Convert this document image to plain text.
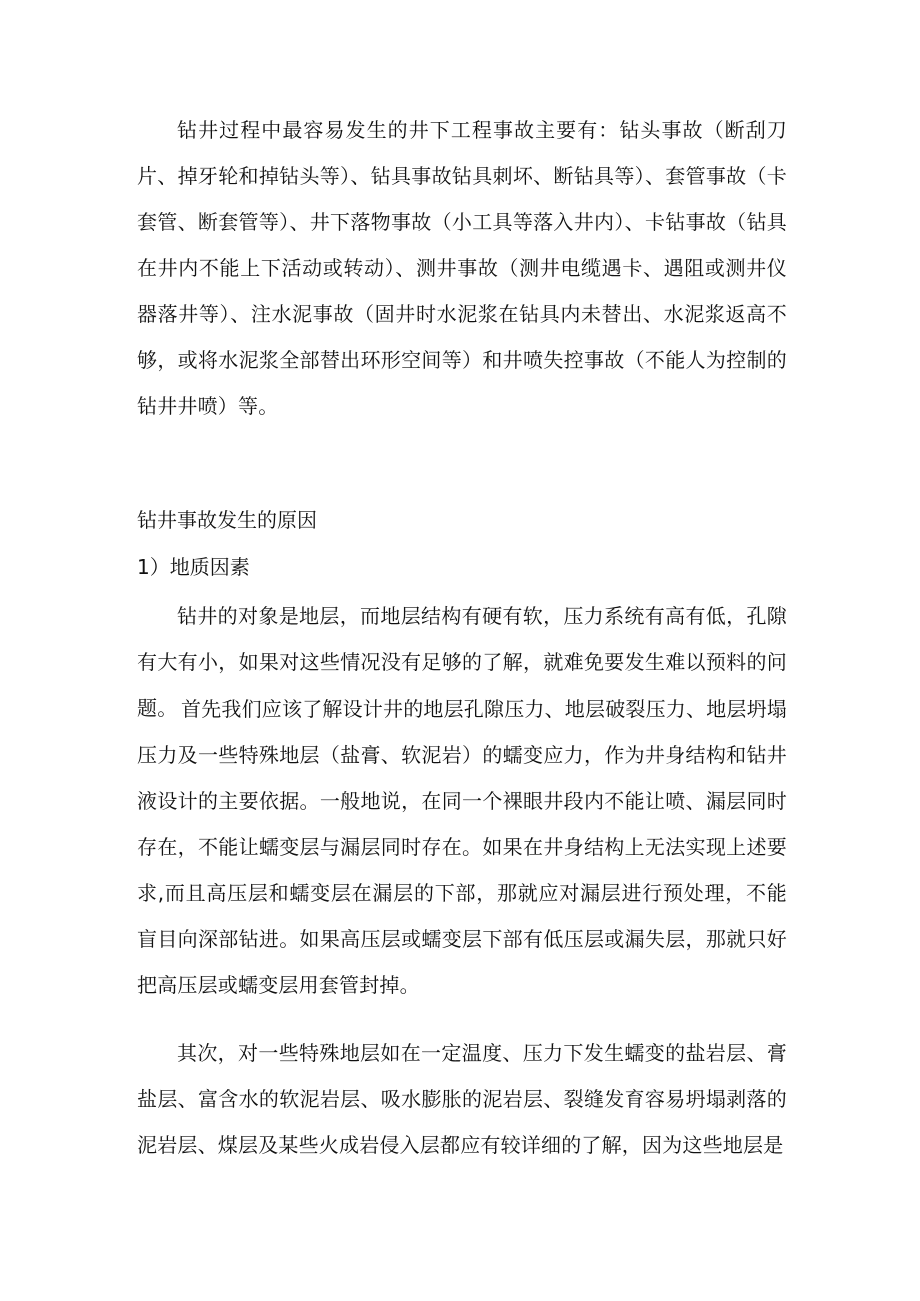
钻井过程中最容易发生的井下工程事故主要有：钻头事故（断刮刀片、掉牙轮和掉钻头等）、钻具事故钻具刺坏、断钻具等）、套管事故（卡套管、断套管等）、井下落物事故（小工具等落入井内）、卡钻事故（钻具在井内不能上下活动或转动）、测井事故（测井电缆遇卡、遇阻或测井仪器落井等）、注水泥事故（固井时水泥浆在钻具内未替出、水泥浆返高不够，或将水泥浆全部替出环形空间等）和井喷失控事故（不能人为控制的钻井井喷）等。

钻井事故发生的原因

1）地质因素

钻井的对象是地层，而地层结构有硬有软，压力系统有高有低，孔隙有大有小，如果对这些情况没有足够的了解，就难免要发生难以预料的问题。 首先我们应该了解设计井的地层孔隙压力、地层破裂压力、地层坍塌压力及一些特殊地层（盐膏、软泥岩）的蠕变应力，作为井身结构和钻井液设计的主要依据。一般地说，在同一个裸眼井段内不能让喷、漏层同时存在，不能让蠕变层与漏层同时存在。如果在井身结构上无法实现上述要求,而且高压层和蠕变层在漏层的下部，那就应对漏层进行预处理，不能盲目向深部钻进。如果高压层或蠕变层下部有低压层或漏失层，那就只好把高压层或蠕变层用套管封掉。

其次，对一些特殊地层如在一定温度、压力下发生蠕变的盐岩层、膏盐层、富含水的软泥岩层、吸水膨胀的泥岩层、裂缝发育容易坍塌剥落的泥岩层、煤层及某些火成岩侵入层都应有较详细的了解，因为这些地层是
